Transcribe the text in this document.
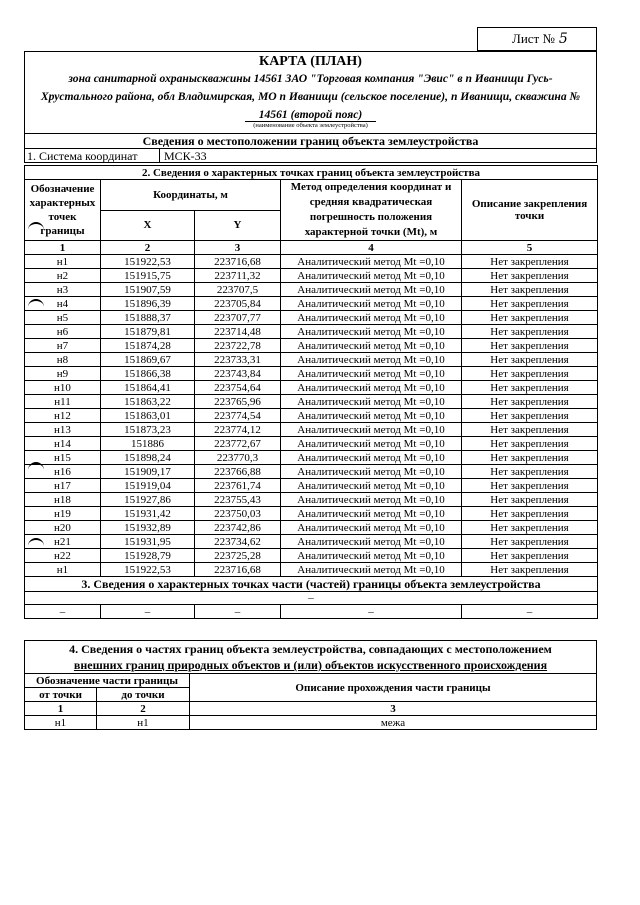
Лист № 5
КАРТА (ПЛАН)
зона санитарной охраныскважины 14561 ЗАО "Торговая компания "Эвис" в п Иванищи Гусь-Хрустального района, обл Владимирская, МО п Иванищи (сельское поселение), п Иванищи, скважина № 14561 (второй пояс)
(наименование объекта землеустройства)
Сведения о местоположении границ объекта землеустройства
1. Система координат	МСК-33
2. Сведения о характерных точках границ объекта землеустройства				
Обозначение характерных точек границы	Координаты, м		Метод определения координат и средняя квадратическая погрешность положения характерной точки (Мt), м	Описание закрепления точки
	X	Y		
1	2	3	4	5
н1	151922,53	223716,68	Аналитический метод Mt =0,10	Нет закрепления
н2	151915,75	223711,32	Аналитический метод Mt =0,10	Нет закрепления
н3	151907,59	223707,5	Аналитический метод Mt =0,10	Нет закрепления
н4	151896,39	223705,84	Аналитический метод Mt =0,10	Нет закрепления
н5	151888,37	223707,77	Аналитический метод Mt =0,10	Нет закрепления
н6	151879,81	223714,48	Аналитический метод Mt =0,10	Нет закрепления
н7	151874,28	223722,78	Аналитический метод Mt =0,10	Нет закрепления
н8	151869,67	223733,31	Аналитический метод Mt =0,10	Нет закрепления
н9	151866,38	223743,84	Аналитический метод Mt =0,10	Нет закрепления
н10	151864,41	223754,64	Аналитический метод Mt =0,10	Нет закрепления
н11	151863,22	223765,96	Аналитический метод Mt =0,10	Нет закрепления
н12	151863,01	223774,54	Аналитический метод Mt =0,10	Нет закрепления
н13	151873,23	223774,12	Аналитический метод Mt =0,10	Нет закрепления
н14	151886	223772,67	Аналитический метод Mt =0,10	Нет закрепления
н15	151898,24	223770,3	Аналитический метод Mt =0,10	Нет закрепления
н16	151909,17	223766,88	Аналитический метод Mt =0,10	Нет закрепления
н17	151919,04	223761,74	Аналитический метод Mt =0,10	Нет закрепления
н18	151927,86	223755,43	Аналитический метод Mt =0,10	Нет закрепления
н19	151931,42	223750,03	Аналитический метод Mt =0,10	Нет закрепления
н20	151932,89	223742,86	Аналитический метод Mt =0,10	Нет закрепления
н21	151931,95	223734,62	Аналитический метод Mt =0,10	Нет закрепления
н22	151928,79	223725,28	Аналитический метод Mt =0,10	Нет закрепления
н1	151922,53	223716,68	Аналитический метод Mt =0,10	Нет закрепления
3. Сведения о характерных точках части (частей) границы объекта землеустройства				
–				
–	–	–	–	–
4. Сведения о частях границ объекта землеустройства, совпадающих с местоположением
внешних границ природных объектов и (или) объектов искусственного происхождения		

Обозначение части границы		Описание прохождения части границы
от точки	до точки	
1	2	3
н1	н1	межа
